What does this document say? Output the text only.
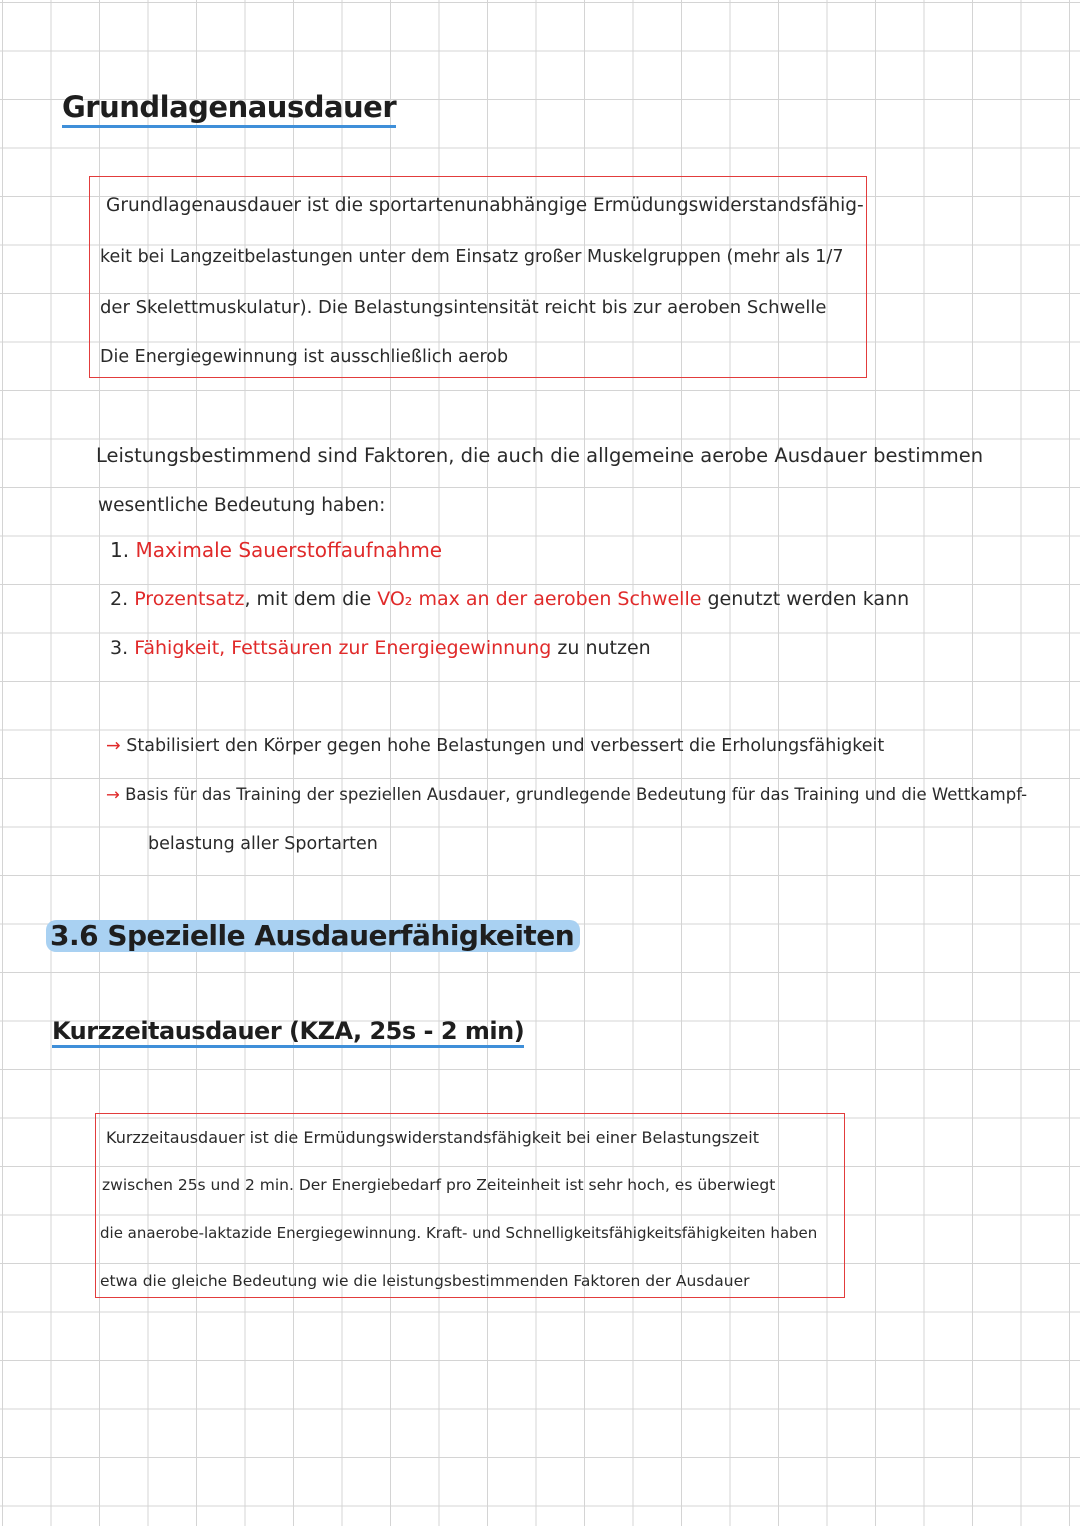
Grundlagenausdauer
Grundlagenausdauer ist die sportartenunabhängige Ermüdungswiderstandsfähig-
keit bei Langzeitbelastungen unter dem Einsatz großer Muskelgruppen (mehr als 1/7
der Skelettmuskulatur). Die Belastungsintensität reicht bis zur aeroben Schwelle
Die Energiegewinnung ist ausschließlich aerob
Leistungsbestimmend sind Faktoren, die auch die allgemeine aerobe Ausdauer bestimmen
wesentliche Bedeutung haben:
1. Maximale Sauerstoffaufnahme
2. Prozentsatz, mit dem die VO₂ max an der aeroben Schwelle genutzt werden kann
3. Fähigkeit, Fettsäuren zur Energiegewinnung zu nutzen
→ Stabilisiert den Körper gegen hohe Belastungen und verbessert die Erholungsfähigkeit
→ Basis für das Training der speziellen Ausdauer, grundlegende Bedeutung für das Training und die Wettkampf-
belastung aller Sportarten
3.6 Spezielle Ausdauerfähigkeiten
Kurzzeitausdauer (KZA, 25s - 2 min)
Kurzzeitausdauer ist die Ermüdungswiderstandsfähigkeit bei einer Belastungszeit
zwischen 25s und 2 min. Der Energiebedarf pro Zeiteinheit ist sehr hoch, es überwiegt
die anaerobe-laktazide Energiegewinnung. Kraft- und Schnelligkeitsfähigkeitsfähigkeiten haben
etwa die gleiche Bedeutung wie die leistungsbestimmenden Faktoren der Ausdauer
